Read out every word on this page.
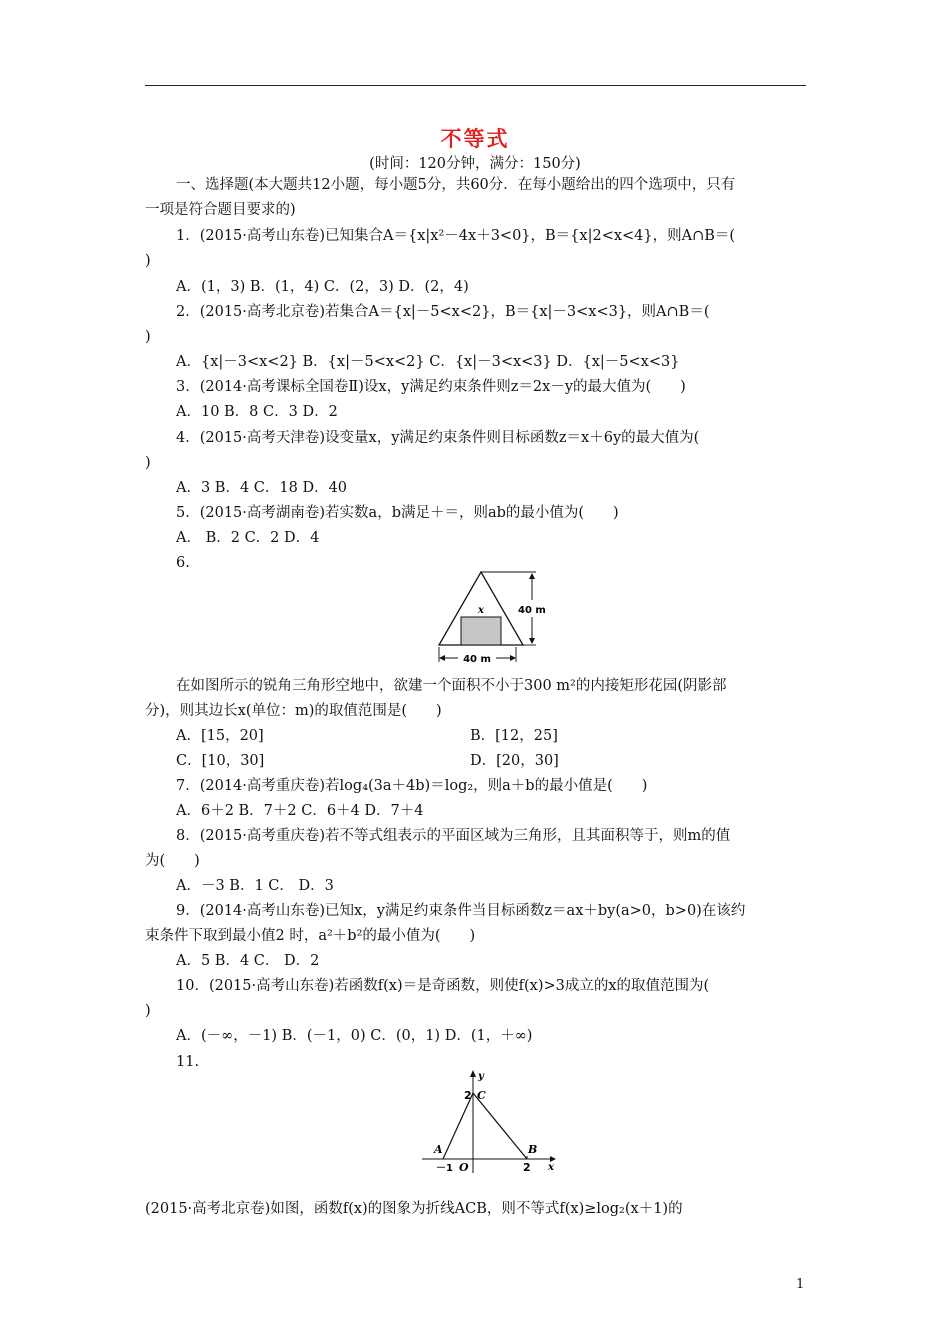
不等式
(时间：120分钟，满分：150分)
一、选择题(本大题共12小题，每小题5分，共60分．在每小题给出的四个选项中，只有
一项是符合题目要求的)
1．(2015·高考山东卷)已知集合A＝{x|x²－4x＋3<0}，B＝{x|2<x<4}，则A∩B＝(
)
A．(1，3) B．(1，4) C．(2，3) D．(2，4)
2．(2015·高考北京卷)若集合A＝{x|－5<x<2}，B＝{x|－3<x<3}，则A∩B＝(
)
A．{x|－3<x<2} B．{x|－5<x<2} C．{x|－3<x<3} D．{x|－5<x<3}
3．(2014·高考课标全国卷Ⅱ)设x，y满足约束条件则z＝2x－y的最大值为(　　)
A．10 B．8 C．3 D．2
4．(2015·高考天津卷)设变量x，y满足约束条件则目标函数z＝x＋6y的最大值为(
)
A．3 B．4 C．18 D．40
5．(2015·高考湖南卷)若实数a，b满足＋＝，则ab的最小值为(　　)
A． B．2 C．2 D．4
6.
x	40 m
40 m
在如图所示的锐角三角形空地中，欲建一个面积不小于300 m²的内接矩形花园(阴影部
分)，则其边长x(单位：m)的取值范围是(　　)
A．[15，20]	B．[12，25]
C．[10，30]	D．[20，30]
7．(2014·高考重庆卷)若log₄(3a＋4b)＝log₂，则a＋b的最小值是(　　)
A．6＋2 B．7＋2 C．6＋4 D．7＋4
8．(2015·高考重庆卷)若不等式组表示的平面区域为三角形，且其面积等于，则m的值
为(　　)
A．－3 B．1 C． D．3
9．(2014·高考山东卷)已知x，y满足约束条件当目标函数z＝ax＋by(a>0，b>0)在该约
束条件下取到最小值2 时，a²＋b²的最小值为(　　)
A．5 B．4 C． D．2
10．(2015·高考山东卷)若函数f(x)＝是奇函数，则使f(x)>3成立的x的取值范围为(
)
A．(－∞，－1) B．(－1，0) C．(0，1) D．(1，＋∞)
11.
y
x
2 C
A	B
－1 O	2
(2015·高考北京卷)如图，函数f(x)的图象为折线ACB，则不等式f(x)≥log₂(x＋1)的
1
